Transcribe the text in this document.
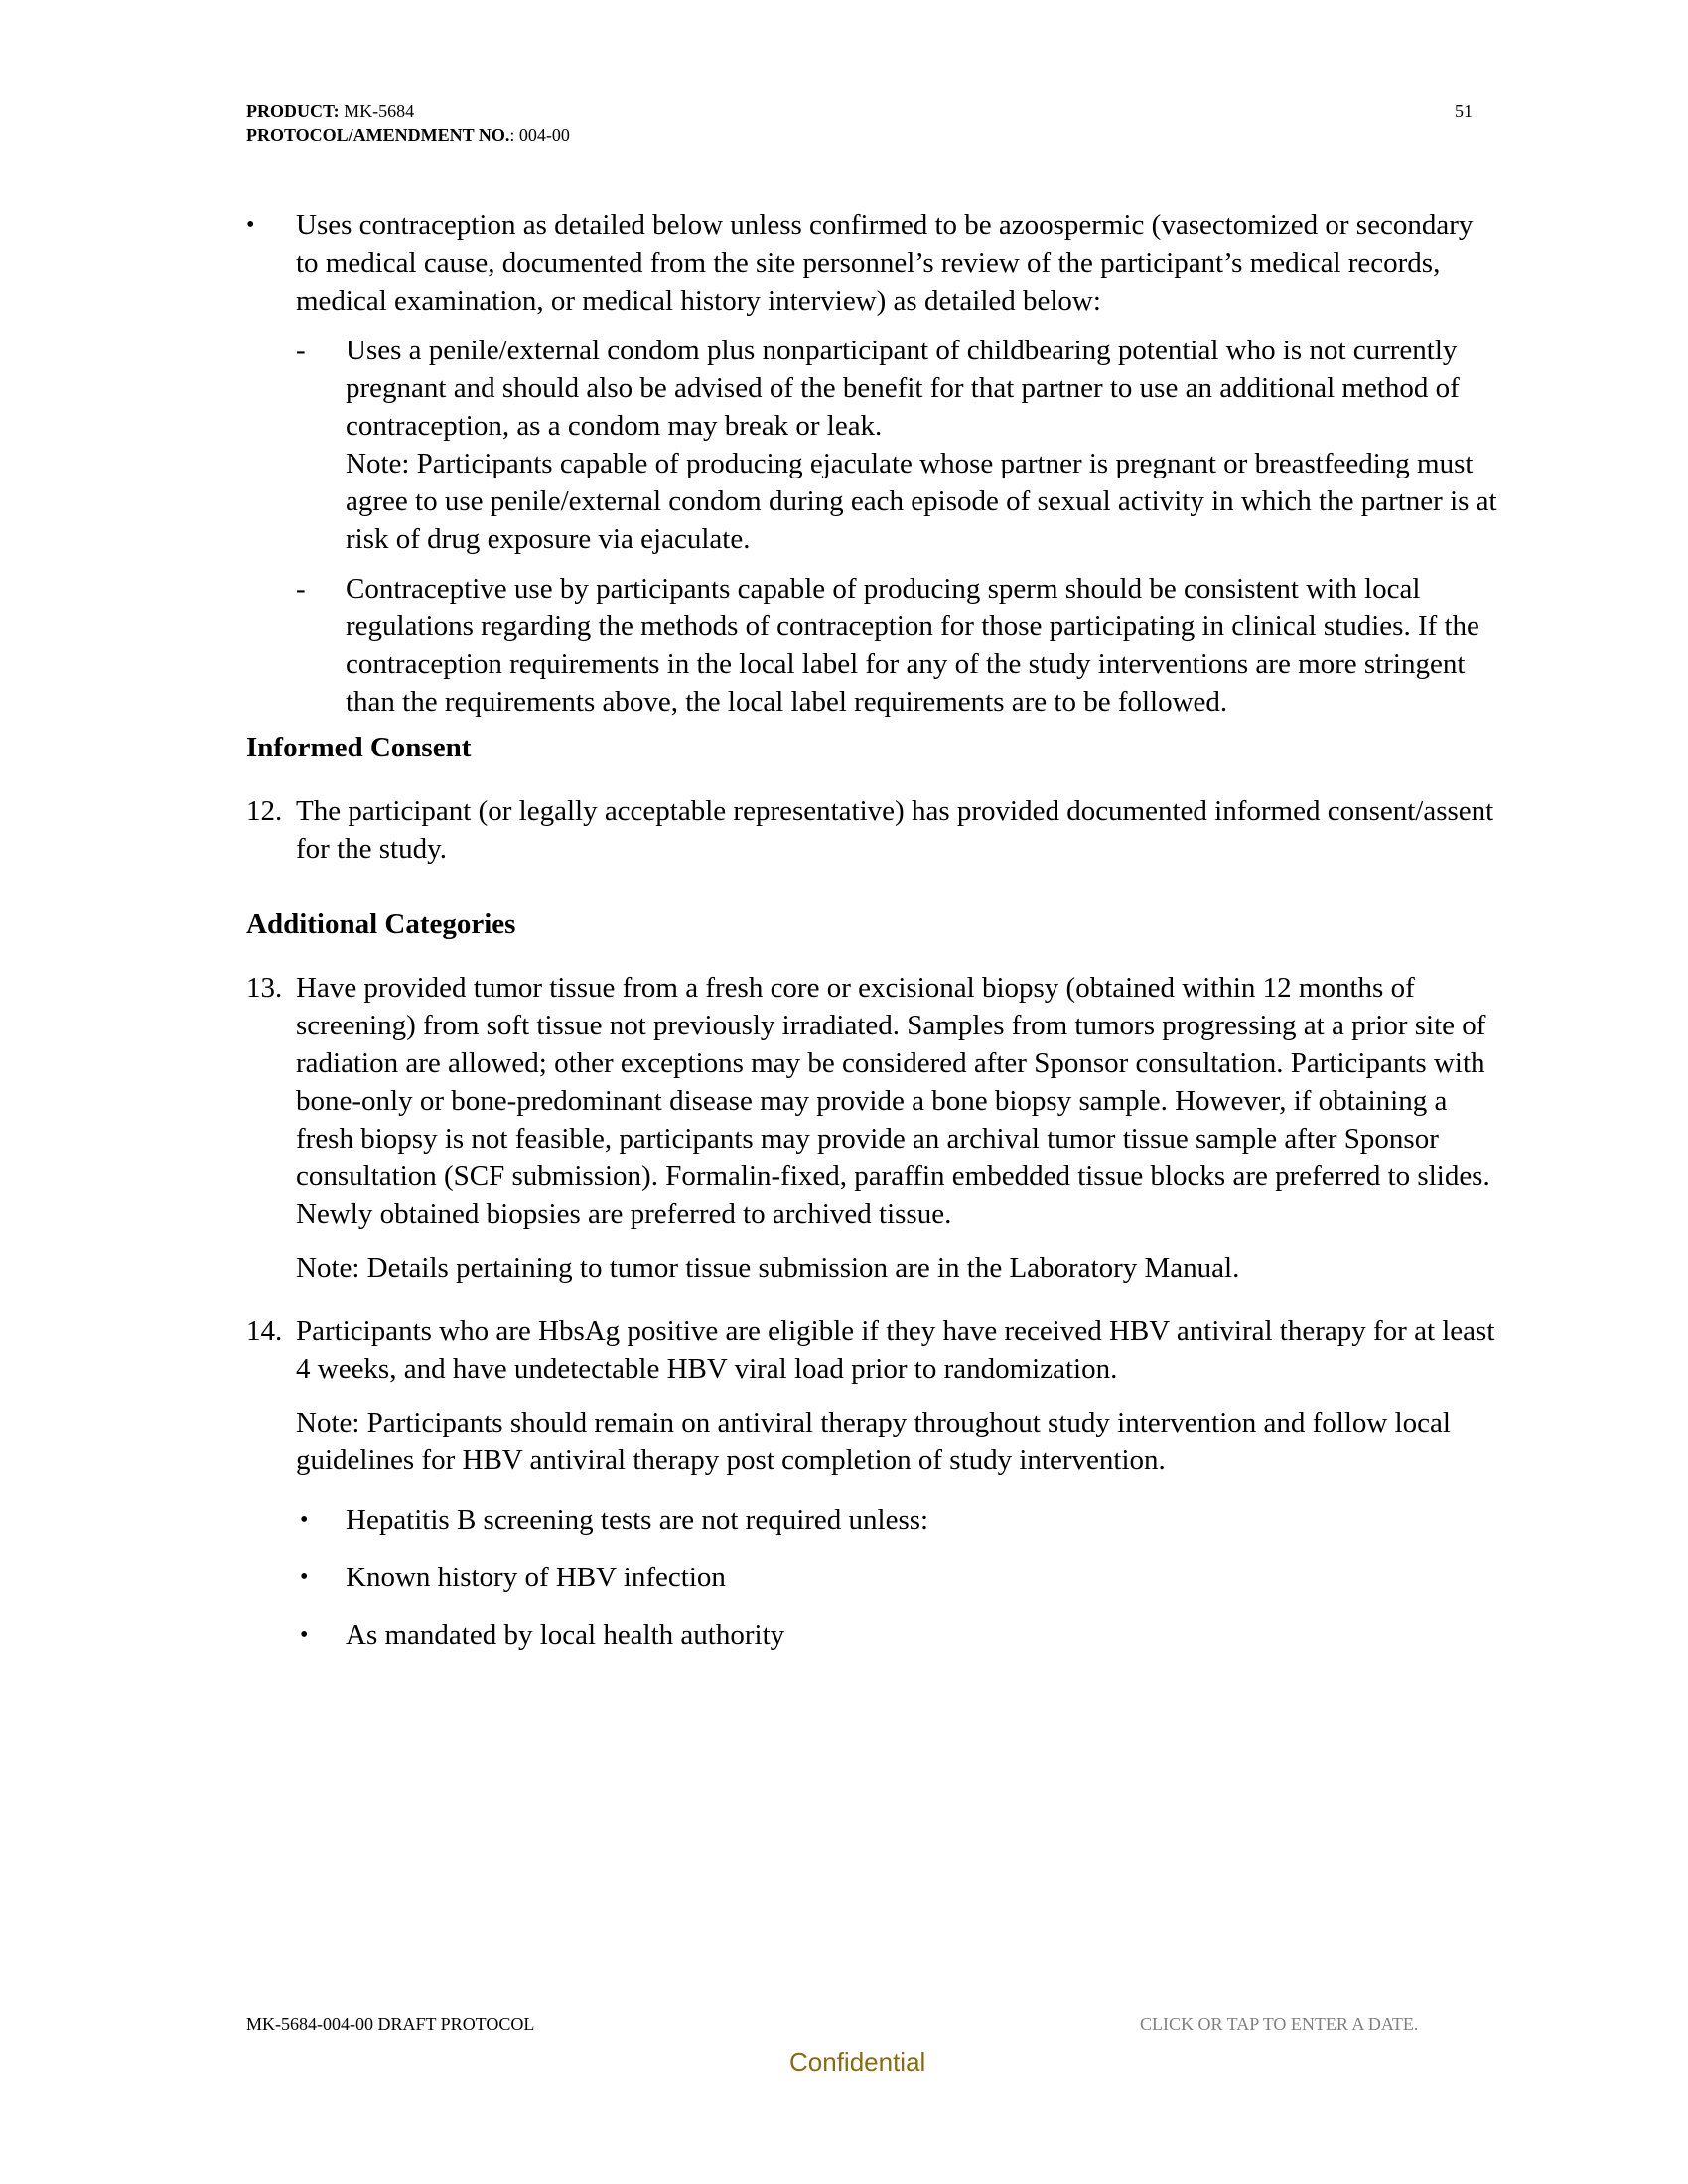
PRODUCT: MK-5684
PROTOCOL/AMENDMENT NO.: 004-00
51
•	Uses contraception as detailed below unless confirmed to be azoospermic (vasectomized or secondary to medical cause, documented from the site personnel’s review of the participant’s medical records, medical examination, or medical history interview) as detailed below:
- Uses a penile/external condom plus nonparticipant of childbearing potential who is not currently pregnant and should also be advised of the benefit for that partner to use an additional method of contraception, as a condom may break or leak.
Note: Participants capable of producing ejaculate whose partner is pregnant or breastfeeding must agree to use penile/external condom during each episode of sexual activity in which the partner is at risk of drug exposure via ejaculate.
- Contraceptive use by participants capable of producing sperm should be consistent with local regulations regarding the methods of contraception for those participating in clinical studies. If the contraception requirements in the local label for any of the study interventions are more stringent than the requirements above, the local label requirements are to be followed.
Informed Consent
12. The participant (or legally acceptable representative) has provided documented informed consent/assent for the study.
Additional Categories
13. Have provided tumor tissue from a fresh core or excisional biopsy (obtained within 12 months of screening) from soft tissue not previously irradiated. Samples from tumors progressing at a prior site of radiation are allowed; other exceptions may be considered after Sponsor consultation. Participants with bone-only or bone-predominant disease may provide a bone biopsy sample. However, if obtaining a fresh biopsy is not feasible, participants may provide an archival tumor tissue sample after Sponsor consultation (SCF submission). Formalin-fixed, paraffin embedded tissue blocks are preferred to slides. Newly obtained biopsies are preferred to archived tissue.
Note: Details pertaining to tumor tissue submission are in the Laboratory Manual.
14. Participants who are HbsAg positive are eligible if they have received HBV antiviral therapy for at least 4 weeks, and have undetectable HBV viral load prior to randomization.
Note: Participants should remain on antiviral therapy throughout study intervention and follow local guidelines for HBV antiviral therapy post completion of study intervention.
• Hepatitis B screening tests are not required unless:
• Known history of HBV infection
• As mandated by local health authority
MK-5684-004-00 DRAFT PROTOCOL	CLICK OR TAP TO ENTER A DATE.
Confidential
